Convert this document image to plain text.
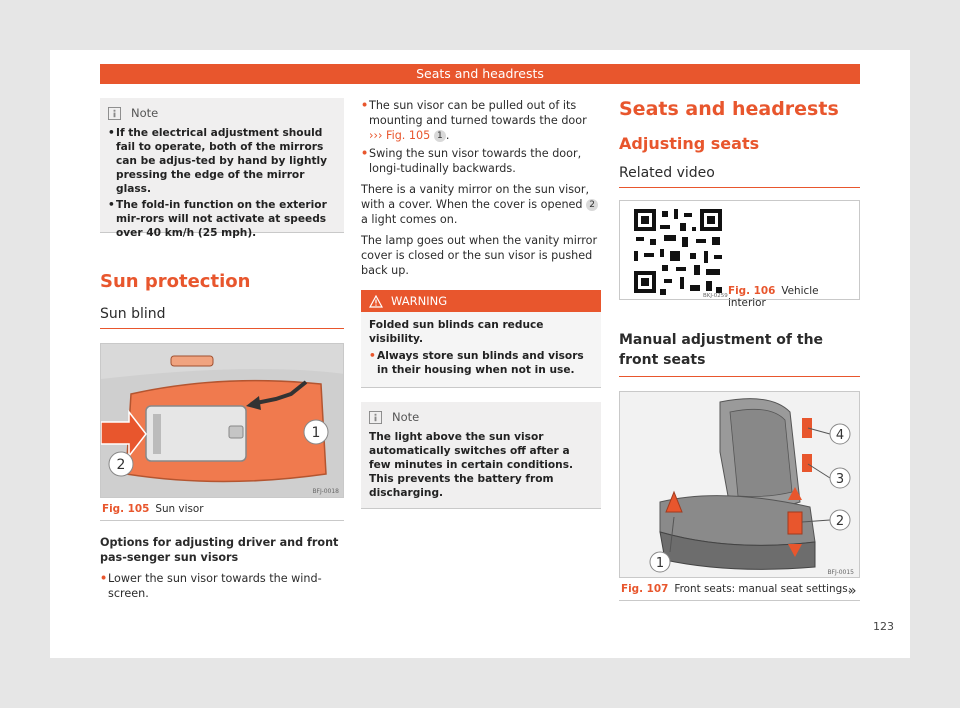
Seats and headrests
Note

• If the electrical adjustment should fail to operate, both of the mirrors can be adjus-ted by hand by lightly pressing the edge of the mirror glass.

• The fold-in function on the exterior mir-rors will not activate at speeds over 40 km/h (25 mph).

Sun protection
Sun blind
1
2
BFJ-0018
Fig. 105 Sun visor
Options for adjusting driver and front pas-senger sun visors

• Lower the sun visor towards the wind-screen.

• The sun visor can be pulled out of its mounting and turned towards the door ››› Fig. 105 1 .

• Swing the sun visor towards the door, longi-tudinally backwards.

There is a vanity mirror on the sun visor, with a cover. When the cover is opened 2 a light comes on.

The lamp goes out when the vanity mirror cover is closed or the sun visor is pushed back up.

WARNING

Folded sun blinds can reduce visibility.

• Always store sun blinds and visors in their housing when not in use.

Note

The light above the sun visor automatically switches off after a few minutes in certain conditions. This prevents the battery from discharging.

Seats and headrests
Adjusting seats
Related video
BKJ-0259 Fig. 106 Vehicle interior
Manual adjustment of the front seats
1
2
3
4
BFJ-0015
Fig. 107 Front seats: manual seat settings.
»
123
